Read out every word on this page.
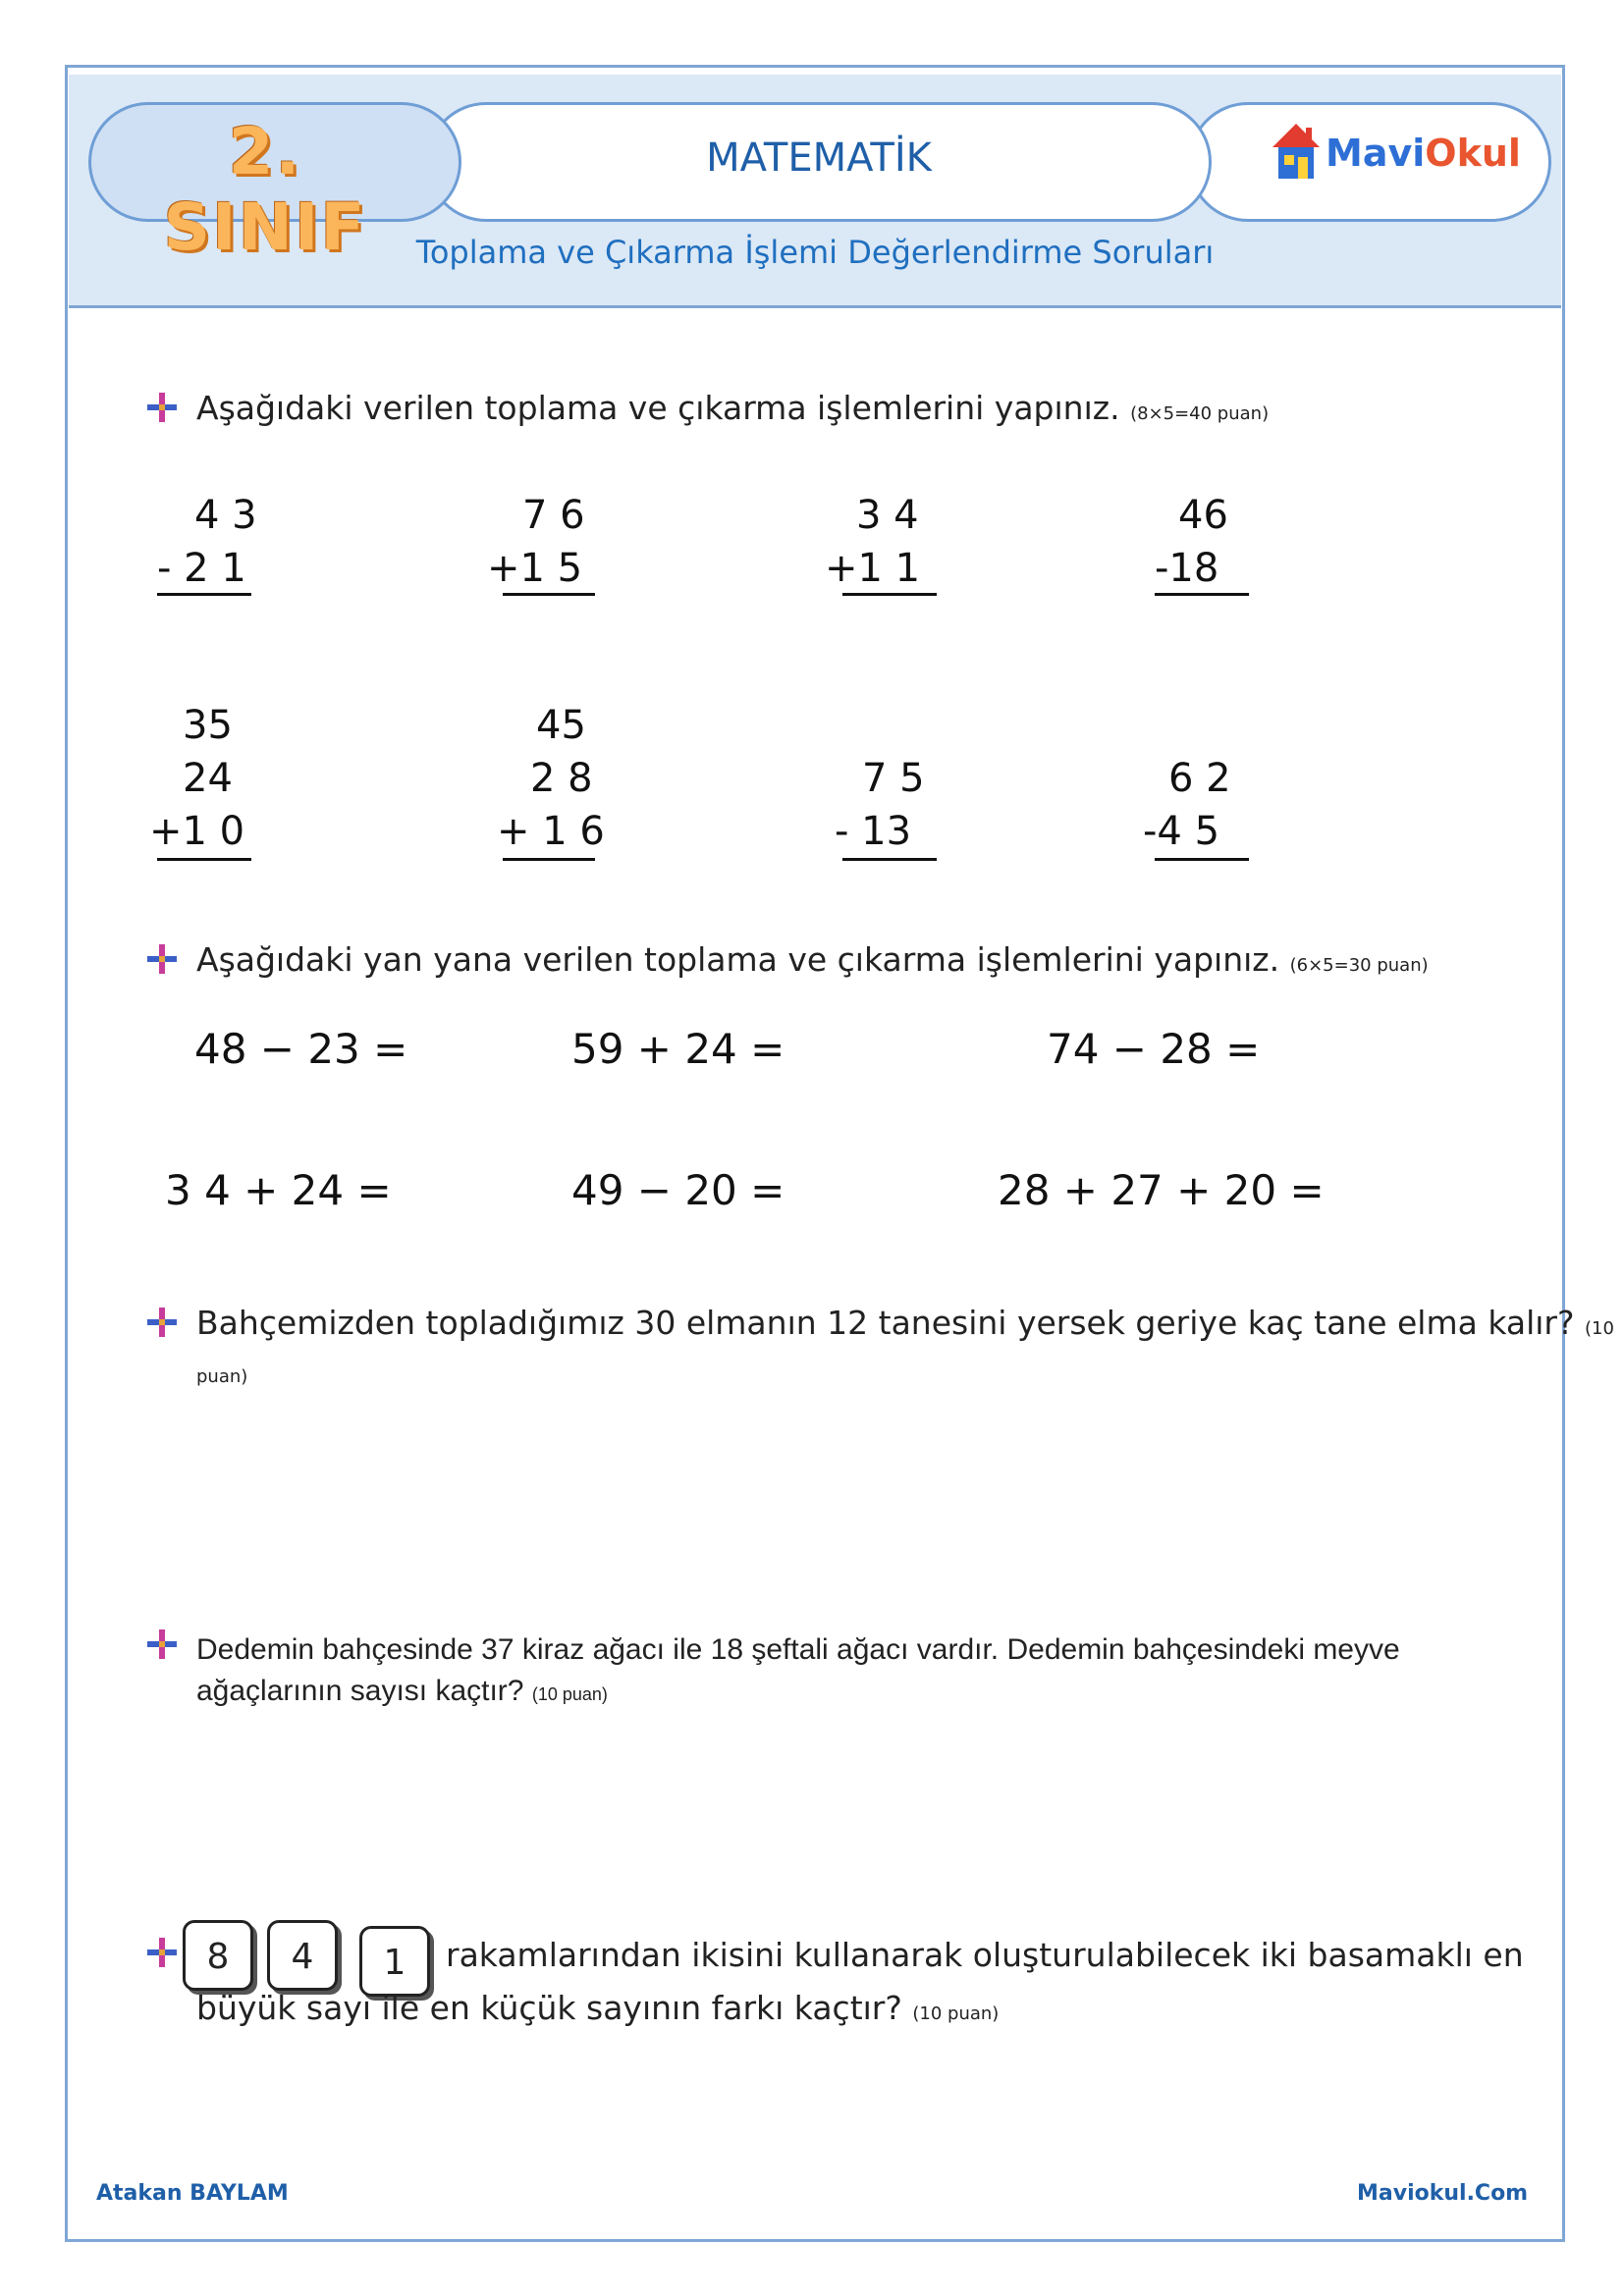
2. SINIF
MATEMATİK	MaviOkul
Toplama ve Çıkarma İşlemi Değerlendirme Soruları
Aşağıdaki verilen toplama ve çıkarma işlemlerini yapınız. (8×5=40 puan)
4 3
- 2 1
7 6
+1 5
3 4
+1 1
46
-18
35
24
+1 0
45
2 8
+ 1 6
7 5
- 13
6 2
-4 5
Aşağıdaki yan yana verilen toplama ve çıkarma işlemlerini yapınız. (6×5=30 puan)
48 − 23 =	59 + 24 =	74 − 28 =
3 4 + 24 =	49 − 20 =	28 + 27 + 20 =
Bahçemizden topladığımız 30 elmanın 12 tanesini yersek geriye kaç tane elma kalır? (10
puan)
Dedemin bahçesinde 37 kiraz ağacı ile 18 şeftali ağacı vardır. Dedemin bahçesindeki meyve
ağaçlarının sayısı kaçtır? (10 puan)
8	4	1	rakamlarından ikisini kullanarak oluşturulabilecek iki basamaklı en
büyük sayı ile en küçük sayının farkı kaçtır? (10 puan)
Atakan BAYLAM	Maviokul.Com
